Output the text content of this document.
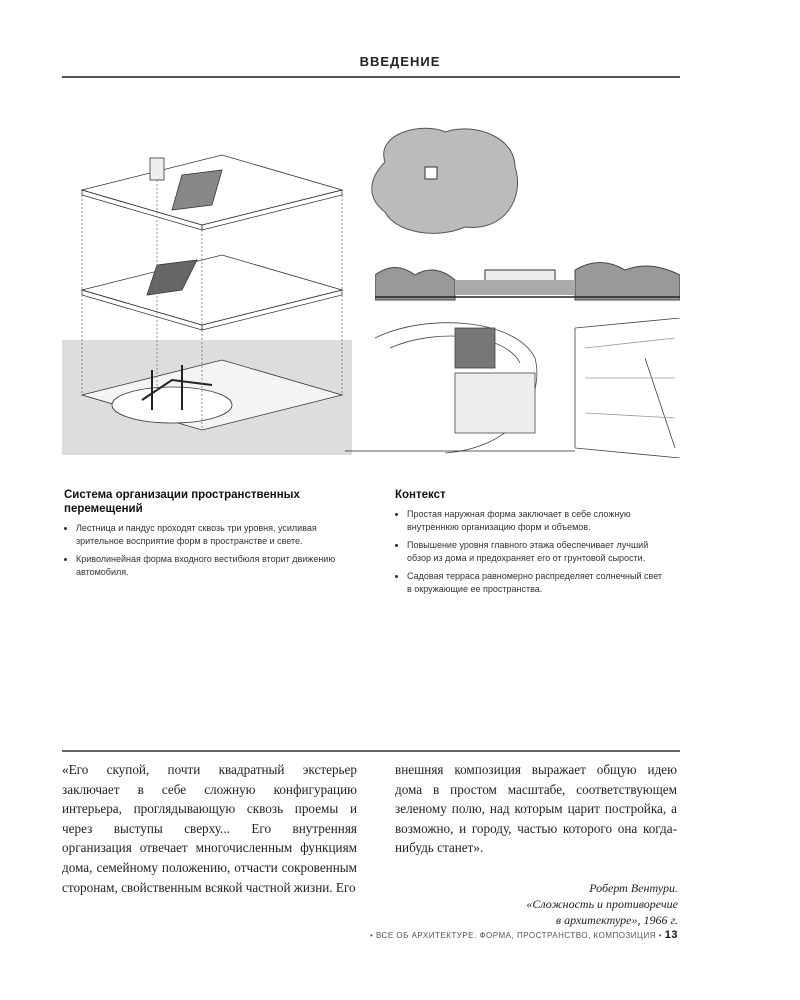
ВВЕДЕНИЕ
Система организации пространственных перемещений
• Лестница и пандус проходят сквозь три уровня, усиливая зрительное восприятие форм в пространстве и свете.
• Криволинейная форма входного вестибюля вторит движению автомобиля.
Контекст
• Простая наружная форма заключает в себе сложную внутреннюю организацию форм и объемов.
• Повышение уровня главного этажа обеспечивает лучший обзор из дома и предохраняет его от грунтовой сырости.
• Садовая терраса равномерно распределяет солнечный свет в окружающие ее пространства.
«Его скупой, почти квадратный экстерьер заключает в себе сложную конфигурацию интерьера, проглядывающую сквозь проемы и через выступы сверху... Его внутренняя организация отвечает многочисленным функциям дома, семейному положению, отчасти сокровенным сторонам, свойственным всякой частной жизни. Его
внешняя композиция выражает общую идею дома в простом масштабе, соответствующем зеленому полю, над которым царит постройка, а возможно, и городу, частью которого она когда-нибудь станет».
Роберт Вентури.
«Сложность и противоречие
в архитектуре», 1966 г.
• ВСЕ ОБ АРХИТЕКТУРЕ. ФОРМА, ПРОСТРАНСТВО, КОМПОЗИЦИЯ • 13
